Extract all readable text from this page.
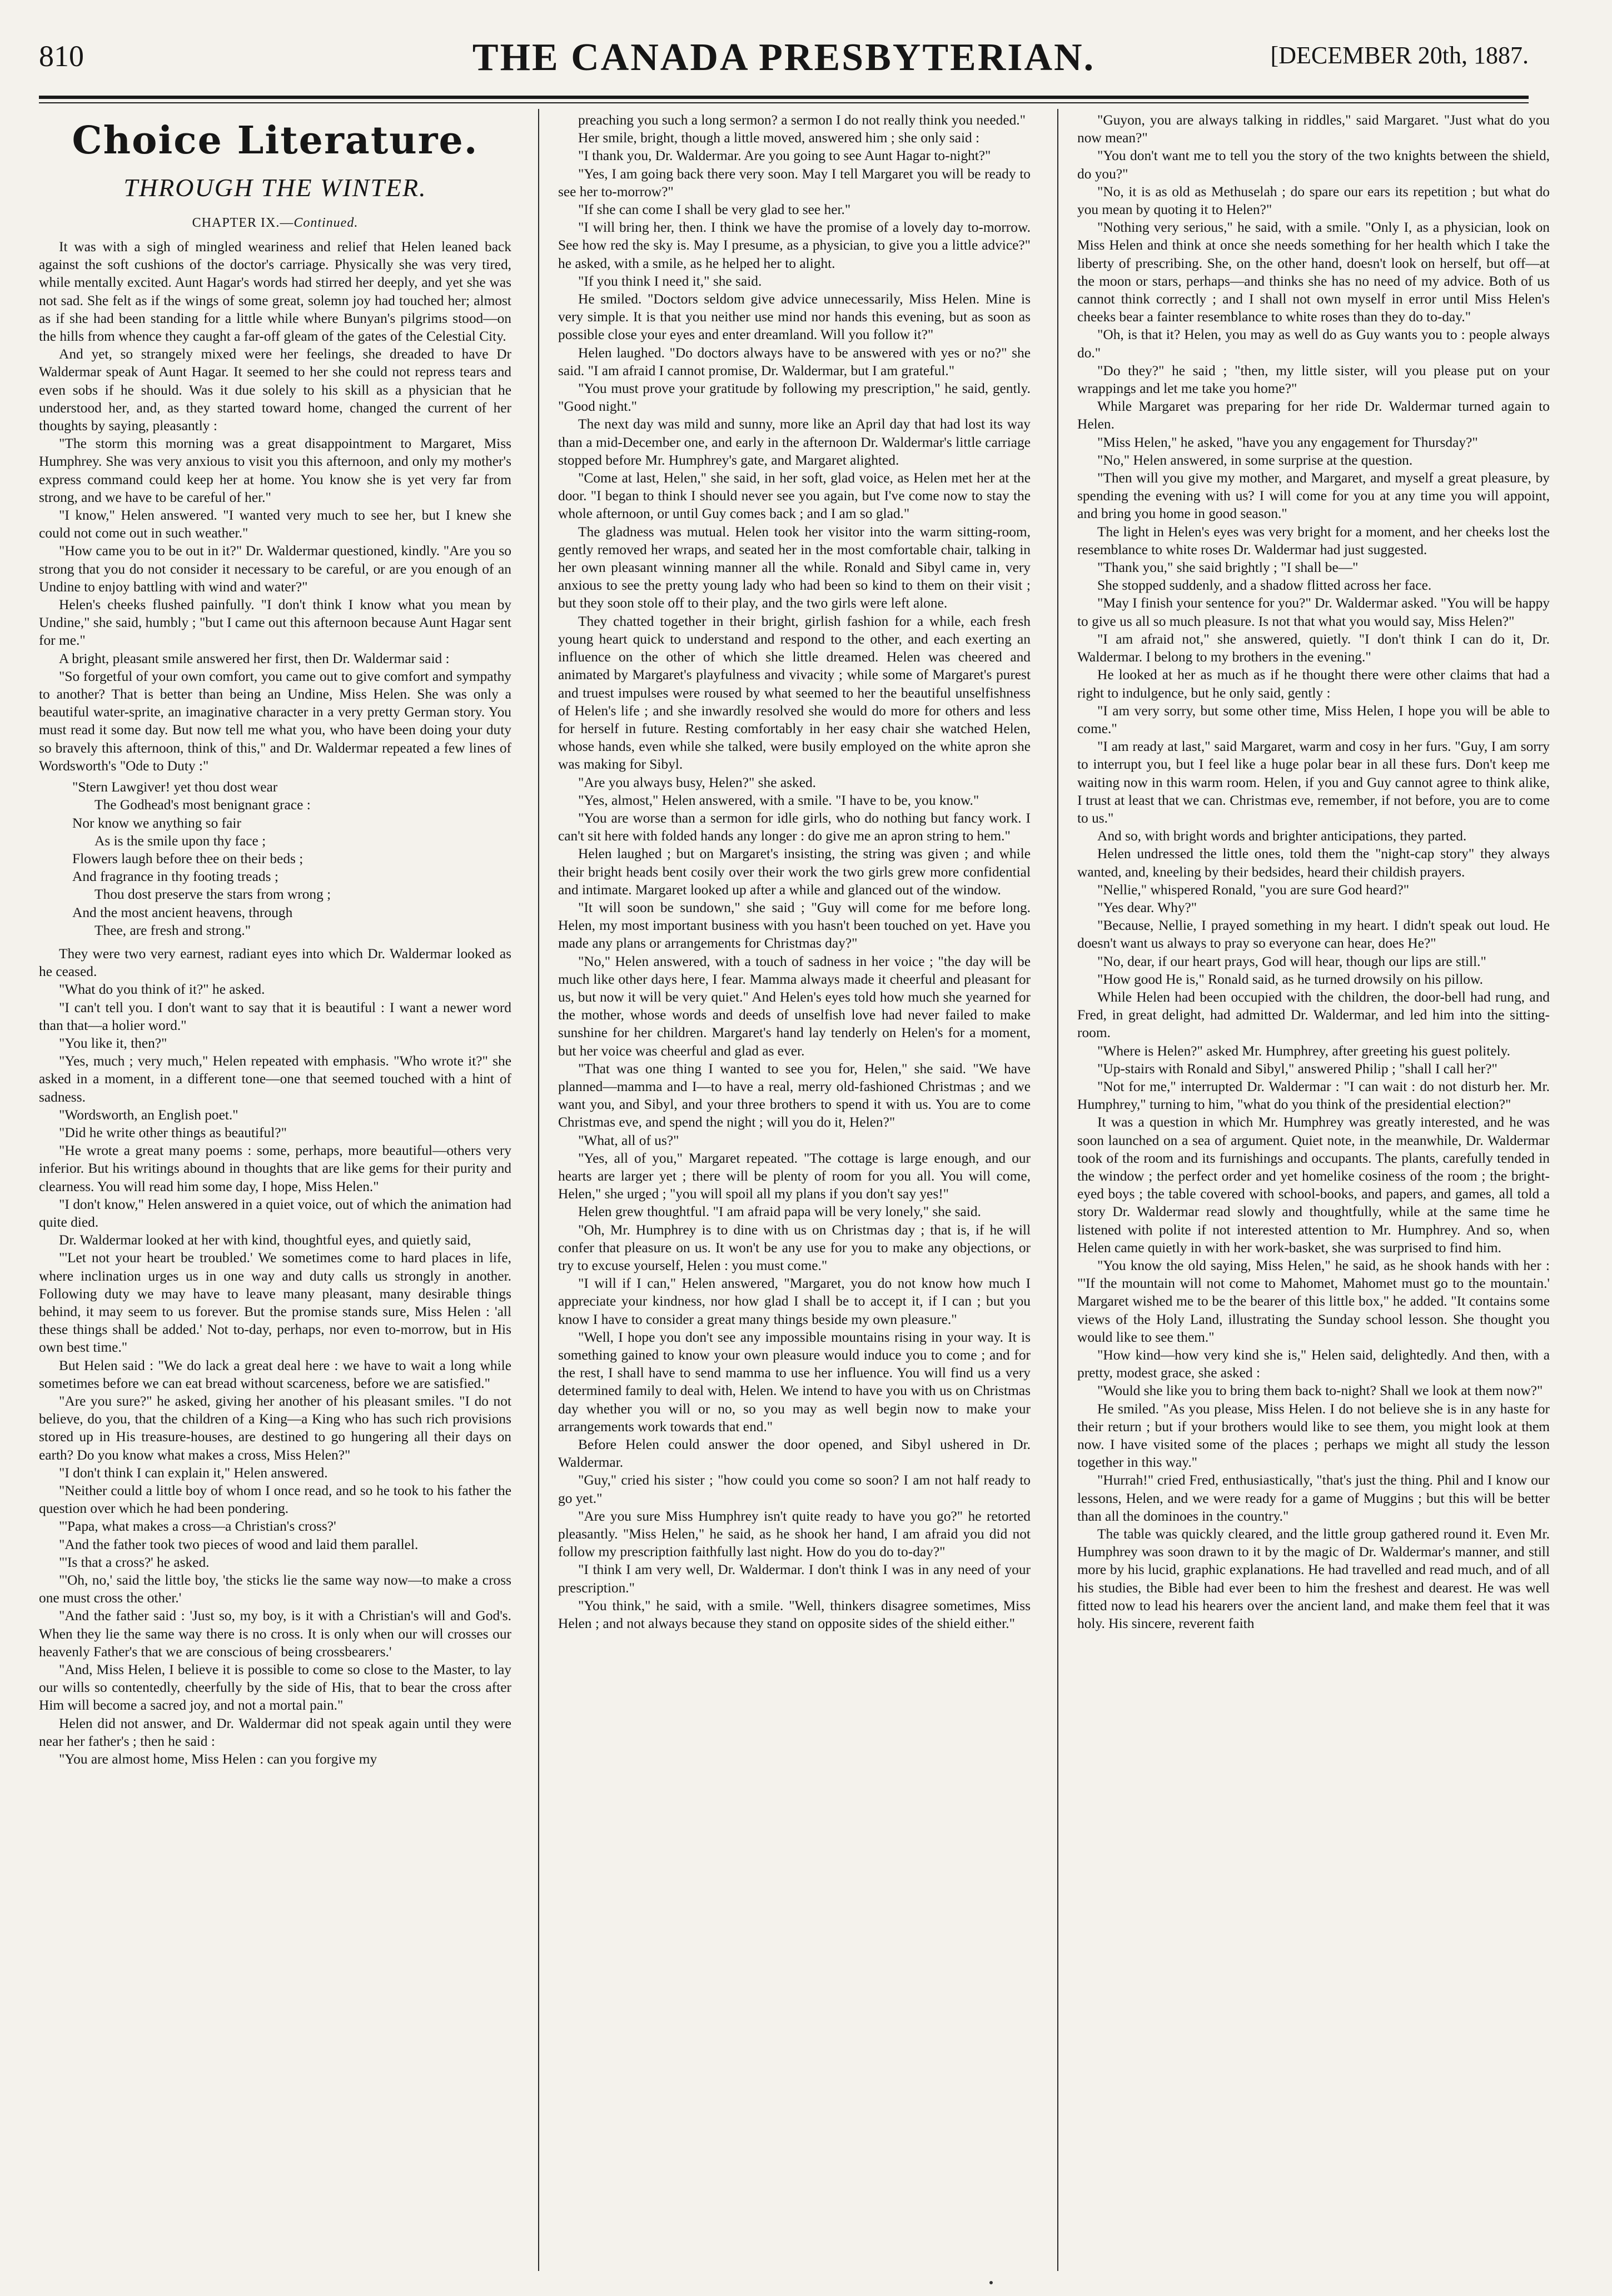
810	THE CANADA PRESBYTERIAN.	[DECEMBER 20th, 1887.
Choice Literature.
THROUGH THE WINTER.
CHAPTER IX.—Continued.

It was with a sigh of mingled weariness and relief that Helen leaned back against the soft cushions of the doctor's carriage. Physically she was very tired, while mentally excited. Aunt Hagar's words had stirred her deeply, and yet she was not sad. She felt as if the wings of some great, solemn joy had touched her; almost as if she had been standing for a little while where Bunyan's pilgrims stood—on the hills from whence they caught a far-off gleam of the gates of the Celestial City.

And yet, so strangely mixed were her feelings, she dreaded to have Dr Waldermar speak of Aunt Hagar. It seemed to her she could not repress tears and even sobs if he should. Was it due solely to his skill as a physician that he understood her, and, as they started toward home, changed the current of her thoughts by saying, pleasantly :

"The storm this morning was a great disappointment to Margaret, Miss Humphrey. She was very anxious to visit you this afternoon, and only my mother's express command could keep her at home. You know she is yet very far from strong, and we have to be careful of her."

"I know," Helen answered. "I wanted very much to see her, but I knew she could not come out in such weather."

"How came you to be out in it?" Dr. Waldermar questioned, kindly. "Are you so strong that you do not consider it necessary to be careful, or are you enough of an Undine to enjoy battling with wind and water?"

Helen's cheeks flushed painfully. "I don't think I know what you mean by Undine," she said, humbly ; "but I came out this afternoon because Aunt Hagar sent for me."

A bright, pleasant smile answered her first, then Dr. Waldermar said :

"So forgetful of your own comfort, you came out to give comfort and sympathy to another? That is better than being an Undine, Miss Helen. She was only a beautiful water-sprite, an imaginative character in a very pretty German story. You must read it some day. But now tell me what you, who have been doing your duty so bravely this afternoon, think of this," and Dr. Waldermar repeated a few lines of Wordsworth's "Ode to Duty :"

"Stern Lawgiver! yet thou dost wear
The Godhead's most benignant grace :
Nor know we anything so fair
As is the smile upon thy face ;
Flowers laugh before thee on their beds ;
And fragrance in thy footing treads ;
Thou dost preserve the stars from wrong ;
And the most ancient heavens, through
Thee, are fresh and strong."

They were two very earnest, radiant eyes into which Dr. Waldermar looked as he ceased.

"What do you think of it?" he asked.

"I can't tell you. I don't want to say that it is beautiful : I want a newer word than that—a holier word."

"You like it, then?"

"Yes, much ; very much," Helen repeated with emphasis. "Who wrote it?" she asked in a moment, in a different tone—one that seemed touched with a hint of sadness.

"Wordsworth, an English poet."

"Did he write other things as beautiful?"

"He wrote a great many poems : some, perhaps, more beautiful—others very inferior. But his writings abound in thoughts that are like gems for their purity and clearness. You will read him some day, I hope, Miss Helen."

"I don't know," Helen answered in a quiet voice, out of which the animation had quite died.

Dr. Waldermar looked at her with kind, thoughtful eyes, and quietly said,

"'Let not your heart be troubled.' We sometimes come to hard places in life, where inclination urges us in one way and duty calls us strongly in another. Following duty we may have to leave many pleasant, many desirable things behind, it may seem to us forever. But the promise stands sure, Miss Helen : 'all these things shall be added.' Not to-day, perhaps, nor even to-morrow, but in His own best time."

But Helen said : "We do lack a great deal here : we have to wait a long while sometimes before we can eat bread without scarceness, before we are satisfied."

"Are you sure?" he asked, giving her another of his pleasant smiles. "I do not believe, do you, that the children of a King—a King who has such rich provisions stored up in His treasure-houses, are destined to go hungering all their days on earth? Do you know what makes a cross, Miss Helen?"

"I don't think I can explain it," Helen answered.

"Neither could a little boy of whom I once read, and so he took to his father the question over which he had been pondering.

"'Papa, what makes a cross—a Christian's cross?'

"And the father took two pieces of wood and laid them parallel.

"'Is that a cross?' he asked.

"'Oh, no,' said the little boy, 'the sticks lie the same way now—to make a cross one must cross the other.'

"And the father said : 'Just so, my boy, is it with a Christian's will and God's. When they lie the same way there is no cross. It is only when our will crosses our heavenly Father's that we are conscious of being crossbearers.'

"And, Miss Helen, I believe it is possible to come so close to the Master, to lay our wills so contentedly, cheerfully by the side of His, that to bear the cross after Him will become a sacred joy, and not a mortal pain."

Helen did not answer, and Dr. Waldermar did not speak again until they were near her father's ; then he said :

"You are almost home, Miss Helen : can you forgive my

preaching you such a long sermon? a sermon I do not really think you needed."

Her smile, bright, though a little moved, answered him ; she only said :

"I thank you, Dr. Waldermar. Are you going to see Aunt Hagar to-night?"

"Yes, I am going back there very soon. May I tell Margaret you will be ready to see her to-morrow?"

"If she can come I shall be very glad to see her."

"I will bring her, then. I think we have the promise of a lovely day to-morrow. See how red the sky is. May I presume, as a physician, to give you a little advice?" he asked, with a smile, as he helped her to alight.

"If you think I need it," she said.

He smiled. "Doctors seldom give advice unnecessarily, Miss Helen. Mine is very simple. It is that you neither use mind nor hands this evening, but as soon as possible close your eyes and enter dreamland. Will you follow it?"

Helen laughed. "Do doctors always have to be answered with yes or no?" she said. "I am afraid I cannot promise, Dr. Waldermar, but I am grateful."

"You must prove your gratitude by following my prescription," he said, gently. "Good night."

The next day was mild and sunny, more like an April day that had lost its way than a mid-December one, and early in the afternoon Dr. Waldermar's little carriage stopped before Mr. Humphrey's gate, and Margaret alighted.

"Come at last, Helen," she said, in her soft, glad voice, as Helen met her at the door. "I began to think I should never see you again, but I've come now to stay the whole afternoon, or until Guy comes back ; and I am so glad."

The gladness was mutual. Helen took her visitor into the warm sitting-room, gently removed her wraps, and seated her in the most comfortable chair, talking in her own pleasant winning manner all the while. Ronald and Sibyl came in, very anxious to see the pretty young lady who had been so kind to them on their visit ; but they soon stole off to their play, and the two girls were left alone.

They chatted together in their bright, girlish fashion for a while, each fresh young heart quick to understand and respond to the other, and each exerting an influence on the other of which she little dreamed. Helen was cheered and animated by Margaret's playfulness and vivacity ; while some of Margaret's purest and truest impulses were roused by what seemed to her the beautiful unselfishness of Helen's life ; and she inwardly resolved she would do more for others and less for herself in future. Resting comfortably in her easy chair she watched Helen, whose hands, even while she talked, were busily employed on the white apron she was making for Sibyl.

"Are you always busy, Helen?" she asked.

"Yes, almost," Helen answered, with a smile. "I have to be, you know."

"You are worse than a sermon for idle girls, who do nothing but fancy work. I can't sit here with folded hands any longer : do give me an apron string to hem."

Helen laughed ; but on Margaret's insisting, the string was given ; and while their bright heads bent cosily over their work the two girls grew more confidential and intimate. Margaret looked up after a while and glanced out of the window.

"It will soon be sundown," she said ; "Guy will come for me before long. Helen, my most important business with you hasn't been touched on yet. Have you made any plans or arrangements for Christmas day?"

"No," Helen answered, with a touch of sadness in her voice ; "the day will be much like other days here, I fear. Mamma always made it cheerful and pleasant for us, but now it will be very quiet." And Helen's eyes told how much she yearned for the mother, whose words and deeds of unselfish love had never failed to make sunshine for her children. Margaret's hand lay tenderly on Helen's for a moment, but her voice was cheerful and glad as ever.

"That was one thing I wanted to see you for, Helen," she said. "We have planned—mamma and I—to have a real, merry old-fashioned Christmas ; and we want you, and Sibyl, and your three brothers to spend it with us. You are to come Christmas eve, and spend the night ; will you do it, Helen?"

"What, all of us?"

"Yes, all of you," Margaret repeated. "The cottage is large enough, and our hearts are larger yet ; there will be plenty of room for you all. You will come, Helen," she urged ; "you will spoil all my plans if you don't say yes!"

Helen grew thoughtful. "I am afraid papa will be very lonely," she said.

"Oh, Mr. Humphrey is to dine with us on Christmas day ; that is, if he will confer that pleasure on us. It won't be any use for you to make any objections, or try to excuse yourself, Helen : you must come."

"I will if I can," Helen answered, "Margaret, you do not know how much I appreciate your kindness, nor how glad I shall be to accept it, if I can ; but you know I have to consider a great many things beside my own pleasure."

"Well, I hope you don't see any impossible mountains rising in your way. It is something gained to know your own pleasure would induce you to come ; and for the rest, I shall have to send mamma to use her influence. You will find us a very determined family to deal with, Helen. We intend to have you with us on Christmas day whether you will or no, so you may as well begin now to make your arrangements work towards that end."

Before Helen could answer the door opened, and Sibyl ushered in Dr. Waldermar.

"Guy," cried his sister ; "how could you come so soon? I am not half ready to go yet."

"Are you sure Miss Humphrey isn't quite ready to have you go?" he retorted pleasantly. "Miss Helen," he said, as he shook her hand, I am afraid you did not follow my prescription faithfully last night. How do you do to-day?"

"I think I am very well, Dr. Waldermar. I don't think I was in any need of your prescription."

"You think," he said, with a smile. "Well, thinkers disagree sometimes, Miss Helen ; and not always because they stand on opposite sides of the shield either."

"Guyon, you are always talking in riddles," said Margaret. "Just what do you now mean?"

"You don't want me to tell you the story of the two knights between the shield, do you?"

"No, it is as old as Methuselah ; do spare our ears its repetition ; but what do you mean by quoting it to Helen?"

"Nothing very serious," he said, with a smile. "Only I, as a physician, look on Miss Helen and think at once she needs something for her health which I take the liberty of prescribing. She, on the other hand, doesn't look on herself, but off—at the moon or stars, perhaps—and thinks she has no need of my advice. Both of us cannot think correctly ; and I shall not own myself in error until Miss Helen's cheeks bear a fainter resemblance to white roses than they do to-day."

"Oh, is that it? Helen, you may as well do as Guy wants you to : people always do."

"Do they?" he said ; "then, my little sister, will you please put on your wrappings and let me take you home?"

While Margaret was preparing for her ride Dr. Waldermar turned again to Helen.

"Miss Helen," he asked, "have you any engagement for Thursday?"

"No," Helen answered, in some surprise at the question.

"Then will you give my mother, and Margaret, and myself a great pleasure, by spending the evening with us? I will come for you at any time you will appoint, and bring you home in good season."

The light in Helen's eyes was very bright for a moment, and her cheeks lost the resemblance to white roses Dr. Waldermar had just suggested.

"Thank you," she said brightly ; "I shall be—"

She stopped suddenly, and a shadow flitted across her face.

"May I finish your sentence for you?" Dr. Waldermar asked. "You will be happy to give us all so much pleasure. Is not that what you would say, Miss Helen?"

"I am afraid not," she answered, quietly. "I don't think I can do it, Dr. Waldermar. I belong to my brothers in the evening."

He looked at her as much as if he thought there were other claims that had a right to indulgence, but he only said, gently :

"I am very sorry, but some other time, Miss Helen, I hope you will be able to come."

"I am ready at last," said Margaret, warm and cosy in her furs. "Guy, I am sorry to interrupt you, but I feel like a huge polar bear in all these furs. Don't keep me waiting now in this warm room. Helen, if you and Guy cannot agree to think alike, I trust at least that we can. Christmas eve, remember, if not before, you are to come to us."

And so, with bright words and brighter anticipations, they parted.

Helen undressed the little ones, told them the "night-cap story" they always wanted, and, kneeling by their bedsides, heard their childish prayers.

"Nellie," whispered Ronald, "you are sure God heard?"

"Yes dear. Why?"

"Because, Nellie, I prayed something in my heart. I didn't speak out loud. He doesn't want us always to pray so everyone can hear, does He?"

"No, dear, if our heart prays, God will hear, though our lips are still."

"How good He is," Ronald said, as he turned drowsily on his pillow.

While Helen had been occupied with the children, the door-bell had rung, and Fred, in great delight, had admitted Dr. Waldermar, and led him into the sitting-room.

"Where is Helen?" asked Mr. Humphrey, after greeting his guest politely.

"Up-stairs with Ronald and Sibyl," answered Philip ; "shall I call her?"

"Not for me," interrupted Dr. Waldermar : "I can wait : do not disturb her. Mr. Humphrey," turning to him, "what do you think of the presidential election?"

It was a question in which Mr. Humphrey was greatly interested, and he was soon launched on a sea of argument. Quiet note, in the meanwhile, Dr. Waldermar took of the room and its furnishings and occupants. The plants, carefully tended in the window ; the perfect order and yet homelike cosiness of the room ; the bright-eyed boys ; the table covered with school-books, and papers, and games, all told a story Dr. Waldermar read slowly and thoughtfully, while at the same time he listened with polite if not interested attention to Mr. Humphrey. And so, when Helen came quietly in with her work-basket, she was surprised to find him.

"You know the old saying, Miss Helen," he said, as he shook hands with her : "'If the mountain will not come to Mahomet, Mahomet must go to the mountain.' Margaret wished me to be the bearer of this little box," he added. "It contains some views of the Holy Land, illustrating the Sunday school lesson. She thought you would like to see them."

"How kind—how very kind she is," Helen said, delightedly. And then, with a pretty, modest grace, she asked :

"Would she like you to bring them back to-night? Shall we look at them now?"

He smiled. "As you please, Miss Helen. I do not believe she is in any haste for their return ; but if your brothers would like to see them, you might look at them now. I have visited some of the places ; perhaps we might all study the lesson together in this way."

"Hurrah!" cried Fred, enthusiastically, "that's just the thing. Phil and I know our lessons, Helen, and we were ready for a game of Muggins ; but this will be better than all the dominoes in the country."

The table was quickly cleared, and the little group gathered round it. Even Mr. Humphrey was soon drawn to it by the magic of Dr. Waldermar's manner, and still more by his lucid, graphic explanations. He had travelled and read much, and of all his studies, the Bible had ever been to him the freshest and dearest. He was well fitted now to lead his hearers over the ancient land, and make them feel that it was holy. His sincere, reverent faith
